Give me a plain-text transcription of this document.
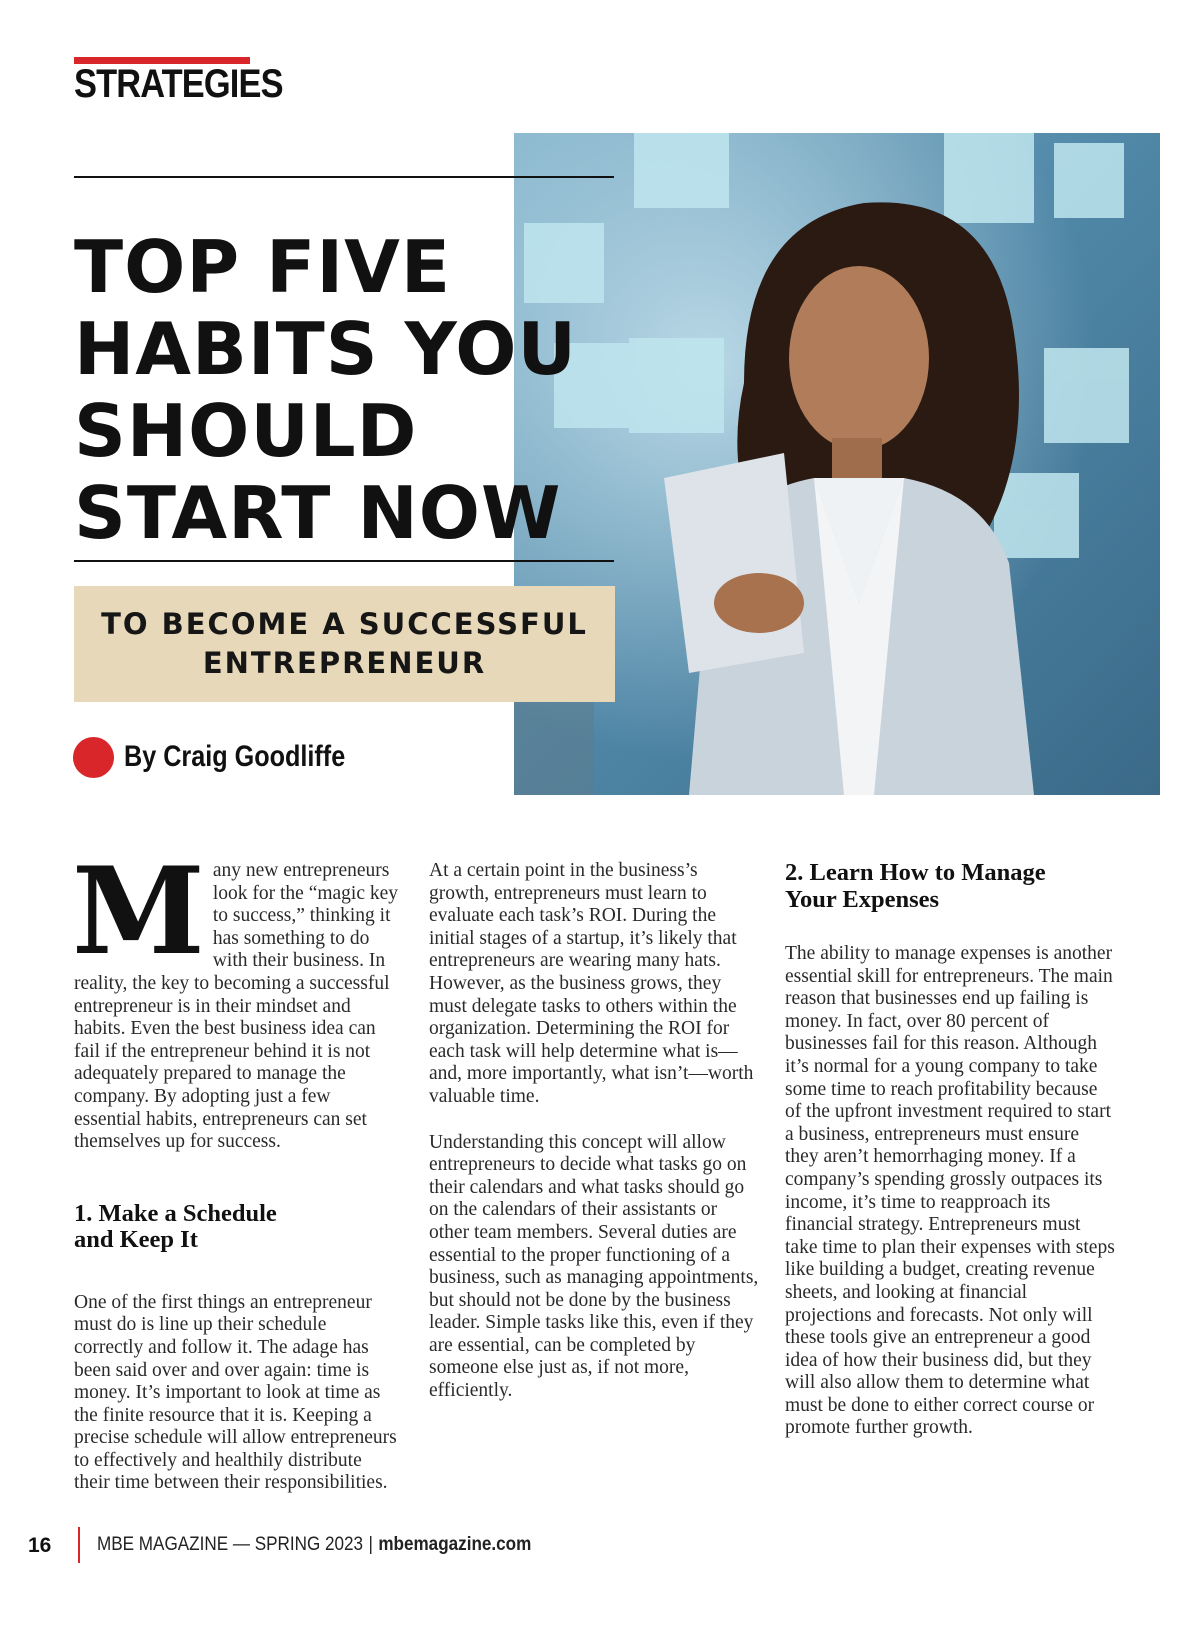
STRATEGIES
TOP FIVE
HABITS YOU
SHOULD
START NOW
TO BECOME A SUCCESSFUL
ENTREPRENEUR
By Craig Goodliffe

Many new entrepreneurs look for the “magic key to success,” thinking it has something to do with their business. In reality, the key to becoming a successful entrepreneur is in their mindset and habits. Even the best business idea can fail if the entrepreneur behind it is not adequately prepared to manage the company. By adopting just a few essential habits, entrepreneurs can set themselves up for success.

1. Make a Schedule
and Keep It

One of the first things an entrepreneur must do is line up their schedule correctly and follow it. The adage has been said over and over again: time is money. It’s important to look at time as the finite resource that it is. Keeping a precise schedule will allow entrepreneurs to effectively and healthily distribute their time between their responsibilities.

At a certain point in the business’s growth, entrepreneurs must learn to evaluate each task’s ROI. During the initial stages of a startup, it’s likely that entrepreneurs are wearing many hats. However, as the business grows, they must delegate tasks to others within the organization. Determining the ROI for each task will help determine what is—and, more importantly, what isn’t—worth valuable time.

Understanding this concept will allow entrepreneurs to decide what tasks go on their calendars and what tasks should go on the calendars of their assistants or other team members. Several duties are essential to the proper functioning of a business, such as managing appointments, but should not be done by the business leader. Simple tasks like this, even if they are essential, can be completed by someone else just as, if not more, efficiently.

2. Learn How to Manage
Your Expenses

The ability to manage expenses is another essential skill for entrepreneurs. The main reason that businesses end up failing is money. In fact, over 80 percent of businesses fail for this reason. Although it’s normal for a young company to take some time to reach profitability because of the upfront investment required to start a business, entrepreneurs must ensure they aren’t hemorrhaging money. If a company’s spending grossly outpaces its income, it’s time to reapproach its financial strategy. Entrepreneurs must take time to plan their expenses with steps like building a budget, creating revenue sheets, and looking at financial projections and forecasts. Not only will these tools give an entrepreneur a good idea of how their business did, but they will also allow them to determine what must be done to either correct course or promote further growth.

16 MBE MAGAZINE — SPRING 2023 | mbemagazine.com
